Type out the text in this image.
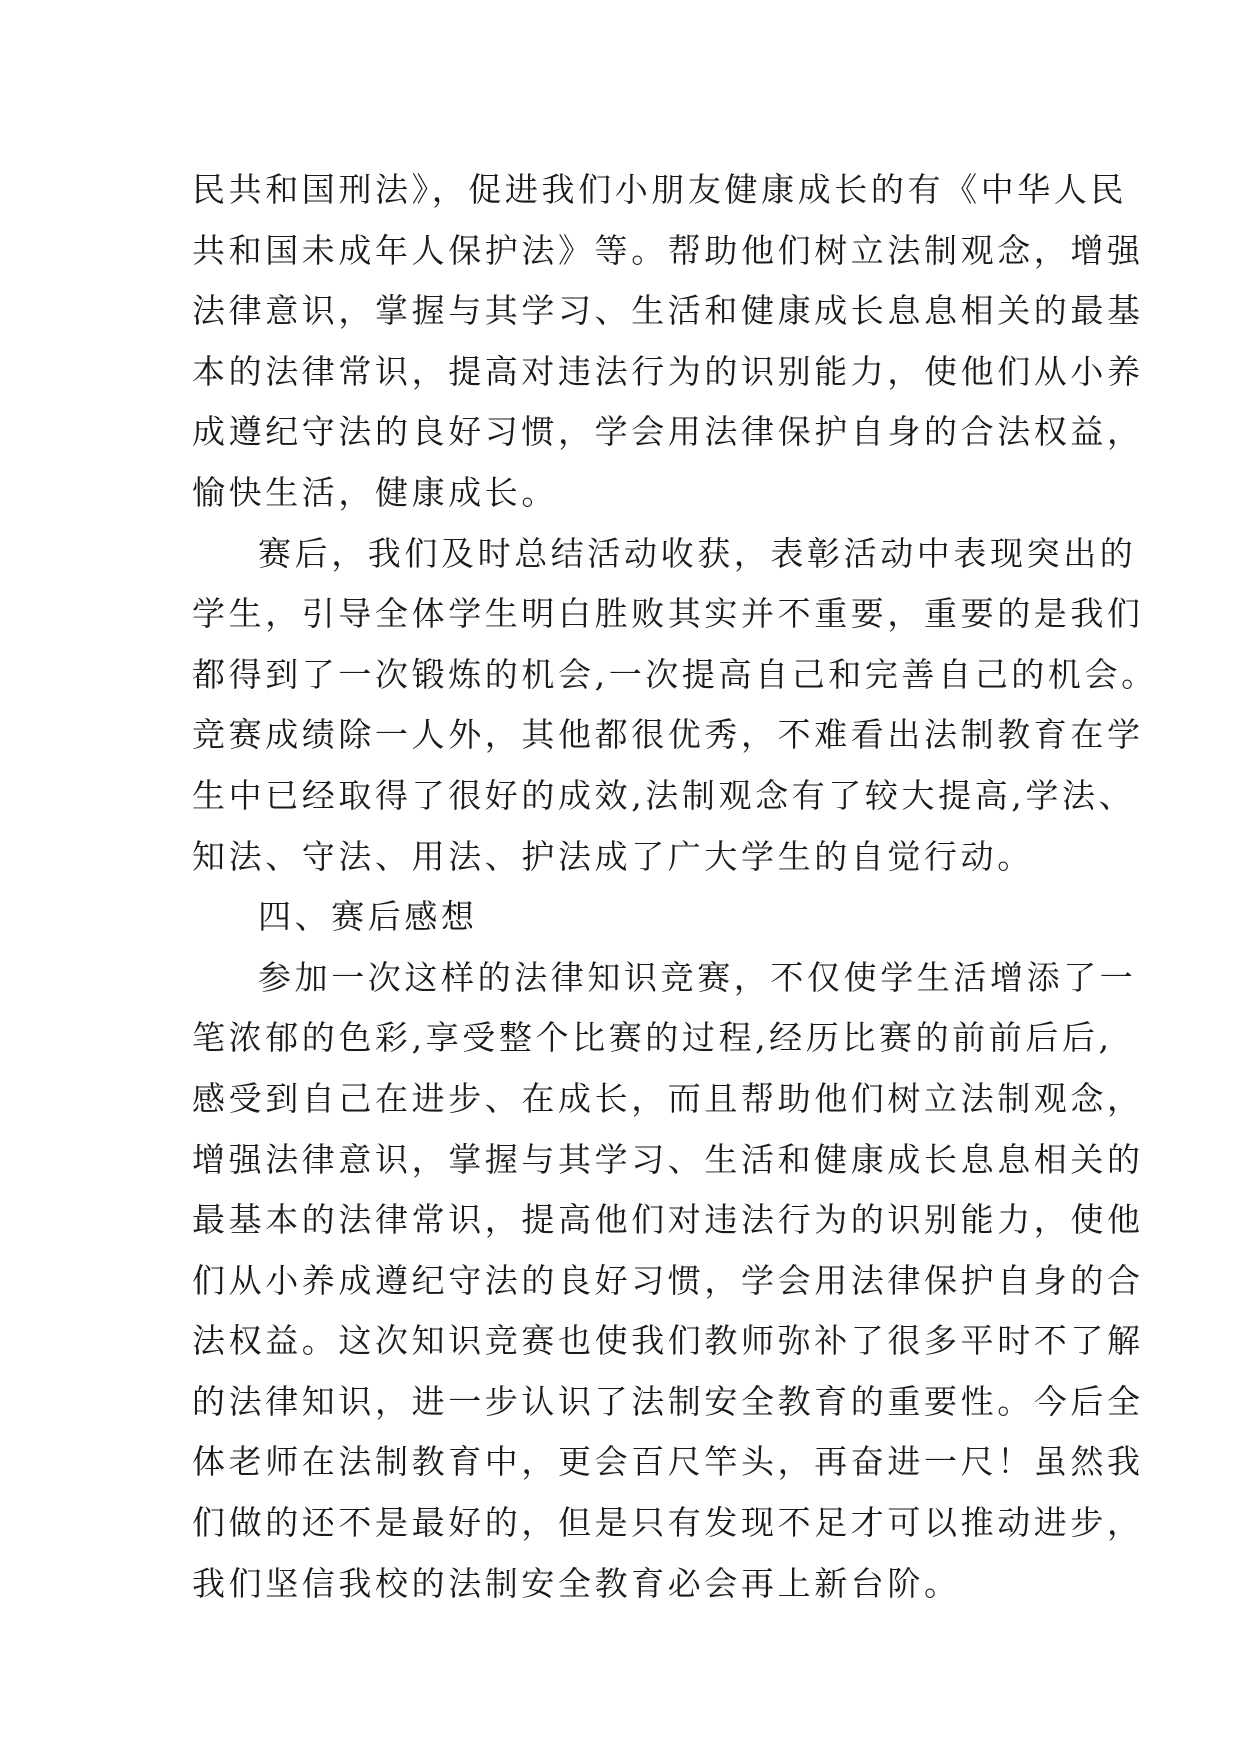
民共和国刑法》，促进我们小朋友健康成长的有《中华人民
共和国未成年人保护法》等。帮助他们树立法制观念，增强
法律意识，掌握与其学习、生活和健康成长息息相关的最基
本的法律常识，提高对违法行为的识别能力，使他们从小养
成遵纪守法的良好习惯，学会用法律保护自身的合法权益，
愉快生活，健康成长。
赛后，我们及时总结活动收获，表彰活动中表现突出的
学生，引导全体学生明白胜败其实并不重要，重要的是我们
都得到了一次锻炼的机会,一次提高自己和完善自己的机会。
竞赛成绩除一人外，其他都很优秀，不难看出法制教育在学
生中已经取得了很好的成效,法制观念有了较大提高,学法、
知法、守法、用法、护法成了广大学生的自觉行动。
四、赛后感想
参加一次这样的法律知识竞赛，不仅使学生活增添了一
笔浓郁的色彩,享受整个比赛的过程,经历比赛的前前后后,
感受到自己在进步、在成长，而且帮助他们树立法制观念，
增强法律意识，掌握与其学习、生活和健康成长息息相关的
最基本的法律常识，提高他们对违法行为的识别能力，使他
们从小养成遵纪守法的良好习惯，学会用法律保护自身的合
法权益。这次知识竞赛也使我们教师弥补了很多平时不了解
的法律知识，进一步认识了法制安全教育的重要性。今后全
体老师在法制教育中，更会百尺竿头，再奋进一尺！虽然我
们做的还不是最好的，但是只有发现不足才可以推动进步，
我们坚信我校的法制安全教育必会再上新台阶。
